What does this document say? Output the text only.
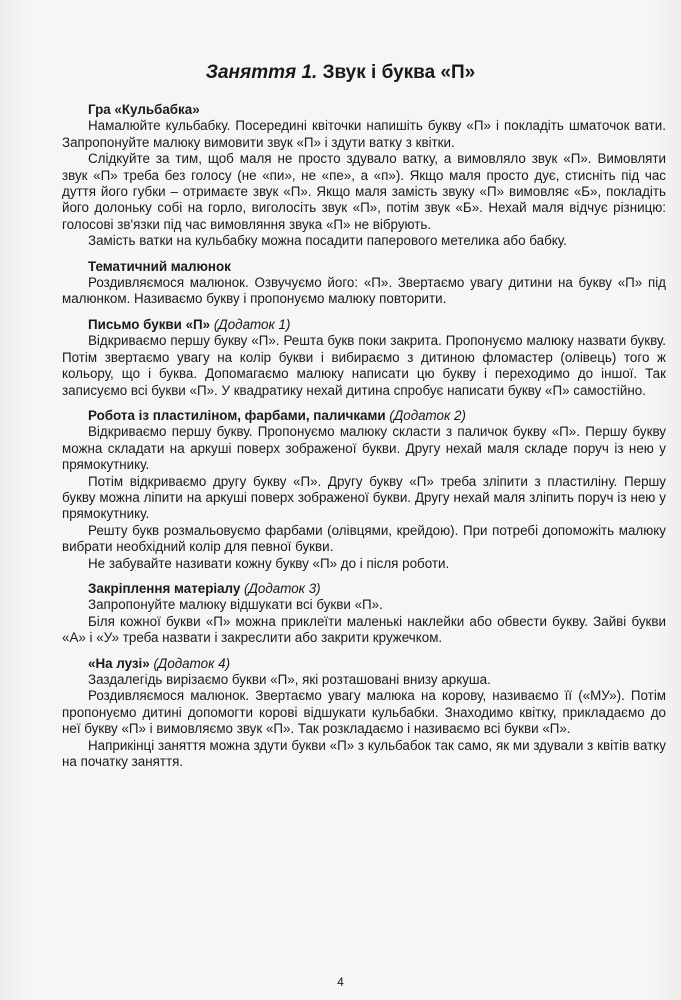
Заняття 1. Звук і буква «П»

Гра «Кульбабка»

Намалюйте кульбабку. Посередині квіточки напишіть букву «П» і покладіть шматочок вати. Запропонуйте малюку вимовити звук «П» і здути ватку з квітки.

Слідкуйте за тим, щоб маля не просто здувало ватку, а вимовляло звук «П». Вимовляти звук «П» треба без голосу (не «пи», не «пе», а «п»). Якщо маля просто дує, стисніть під час дуття його губки – отримаєте звук «П». Якщо маля замість звуку «П» вимовляє «Б», покладіть його долоньку собі на горло, виголосіть звук «П», потім звук «Б». Нехай маля відчує різницю: голосові зв'язки під час вимовляння звука «П» не вібрують.

Замість ватки на кульбабку можна посадити паперового метелика або бабку.

Тематичний малюнок

Роздивляємося малюнок. Озвучуємо його: «П». Звертаємо увагу дитини на букву «П» під малюнком. Називаємо букву і пропонуємо малюку повторити.

Письмо букви «П» (Додаток 1)

Відкриваємо першу букву «П». Решта букв поки закрита. Пропонуємо малюку назвати букву. Потім звертаємо увагу на колір букви і вибираємо з дитиною фломастер (олівець) того ж кольору, що і буква. Допомагаємо малюку написати цю букву і переходимо до іншої. Так записуємо всі букви «П». У квадратику нехай дитина спробує написати букву «П» самостійно.

Робота із пластиліном, фарбами, паличками (Додаток 2)

Відкриваємо першу букву. Пропонуємо малюку скласти з паличок букву «П». Першу букву можна складати на аркуші поверх зображеної букви. Другу нехай маля складе поруч із нею у прямокутнику.

Потім відкриваємо другу букву «П». Другу букву «П» треба зліпити з пластиліну. Першу букву можна ліпити на аркуші поверх зображеної букви. Другу нехай маля зліпить поруч із нею у прямокутнику.

Решту букв розмальовуємо фарбами (олівцями, крейдою). При потребі допоможіть малюку вибрати необхідний колір для певної букви.

Не забувайте називати кожну букву «П» до і після роботи.

Закріплення матеріалу (Додаток 3)

Запропонуйте малюку відшукати всі букви «П».

Біля кожної букви «П» можна приклеїти маленькі наклейки або обвести букву. Зайві букви «А» і «У» треба назвати і закреслити або закрити кружечком.

«На лузі» (Додаток 4)

Заздалегідь вирізаємо букви «П», які розташовані внизу аркуша.

Роздивляємося малюнок. Звертаємо увагу малюка на корову, називаємо її («МУ»). Потім пропонуємо дитині допомогти корові відшукати кульбабки. Знаходимо квітку, прикладаємо до неї букву «П» і вимовляємо звук «П». Так розкладаємо і називаємо всі букви «П».

Наприкінці заняття можна здути букви «П» з кульбабок так само, як ми здували з квітів ватку на початку заняття.

4
